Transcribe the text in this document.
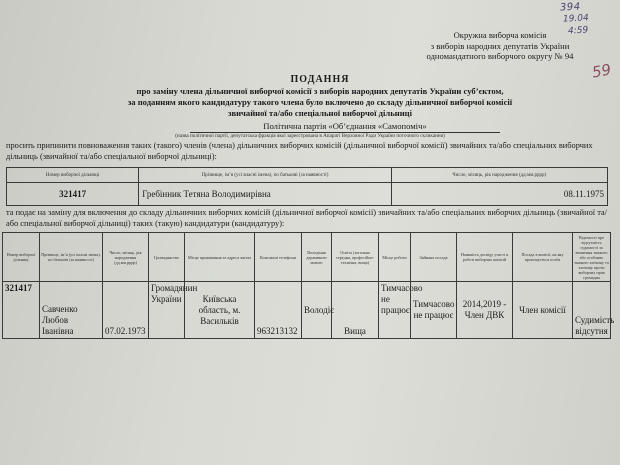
394
19.04
4:59
59
Окружна виборча комісія
з виборів народних депутатів України
одномандатного виборчого округу № 94
ПОДАННЯ
про заміну члена дільничної виборчої комісії з виборів народних депутатів України суб’єктом,
за поданням якого кандидатуру такого члена було включено до складу дільничної виборчої комісії
звичайної та/або спеціальної виборчої дільниці
Політична партія «Об’єднання «Самопоміч»
(назва політичної партії, депутатська фракція якої зареєстрована в Апараті Верховної Ради України поточного скликання)
просить припинити повноваження таких (такого) членів (члена) дільничних виборчих комісій (дільничної виборчої комісії) звичайних та/або спеціальних виборчих дільниць (звичайної та/або спеціальної виборчої дільниці):
Номер виборчої дільниці	Прізвище, ім’я (усі власні імена), по батькові (за наявності)	Число, місяць, рік народження (дд.мм.рррр)
321417	Гребінник Тетяна Володимирівна	08.11.1975
та подає на заміну для включення до складу дільничних виборчих комісій (дільничної виборчої комісії) звичайних та/або спеціальних виборчих дільниць (звичайної та/або спеціальної виборчої дільниці) таких (такую) кандидатури (кандидатуру):
Номер виборчої дільниці	Прізвище, ім’я (усі власні імена), по батькові (за наявності)	Число, місяць, рік народження (дд.мм.рррр)	Громадянство	Місце проживання та адреса житла	Контактні телефони	Володіння державною мовою	Освіта (загальна середня, професійно-технічна, вища)	Місце роботи	Займана посада	Наявність досвіду участі в роботі виборчих комісій	Посада в комісії, на яку пропонується особа	Відомості про відсутність судимості за вчинення тяжкого або особливо тяжкого злочину та злочину проти виборчих прав громадян
321417	Савченко Любов Іванівна	07.02.1973	Громадянин України	Київська область, м. Васильків	963213132	Володіє	Вища	Тимчасово не працює	Тимчасово не працює	2014,2019 - Член ДВК	Член комісії	Судимість відсутня
